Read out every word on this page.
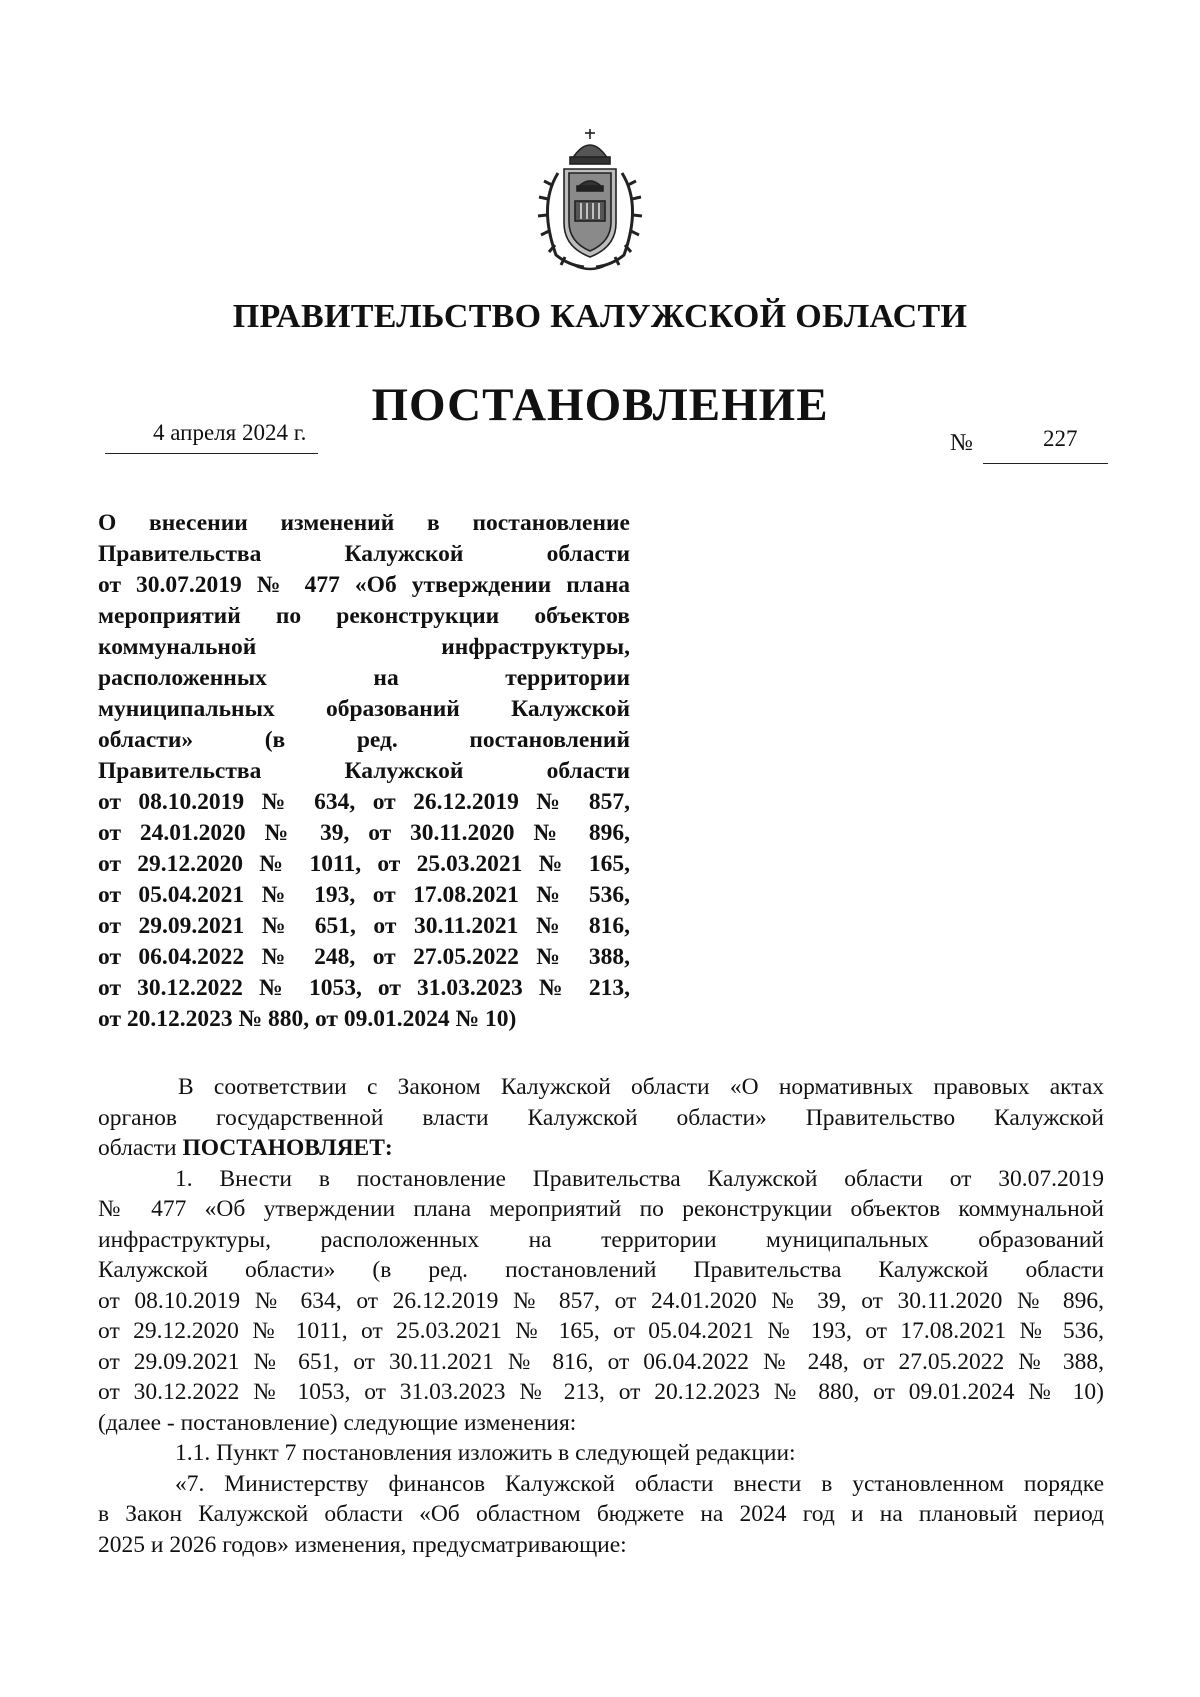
ПРАВИТЕЛЬСТВО КАЛУЖСКОЙ ОБЛАСТИ
ПОСТАНОВЛЕНИЕ
4 апреля 2024 г.	№	227
О внесении изменений в постановление
Правительства Калужской области
от 30.07.2019 № 477 «Об утверждении плана
мероприятий по реконструкции объектов
коммунальной инфраструктуры,
расположенных на территории
муниципальных образований Калужской
области» (в ред. постановлений
Правительства Калужской области
от 08.10.2019 № 634, от 26.12.2019 № 857,
от 24.01.2020 № 39, от 30.11.2020 № 896,
от 29.12.2020 № 1011, от 25.03.2021 № 165,
от 05.04.2021 № 193, от 17.08.2021 № 536,
от 29.09.2021 № 651, от 30.11.2021 № 816,
от 06.04.2022 № 248, от 27.05.2022 № 388,
от 30.12.2022 № 1053, от 31.03.2023 № 213,
от 20.12.2023 № 880, от 09.01.2024 № 10)
В соответствии с Законом Калужской области «О нормативных правовых актах
органов государственной власти Калужской области» Правительство Калужской
области ПОСТАНОВЛЯЕТ:
1. Внести в постановление Правительства Калужской области от 30.07.2019
№ 477 «Об утверждении плана мероприятий по реконструкции объектов коммунальной
инфраструктуры, расположенных на территории муниципальных образований
Калужской области» (в ред. постановлений Правительства Калужской области
от 08.10.2019 № 634, от 26.12.2019 № 857, от 24.01.2020 № 39, от 30.11.2020 № 896,
от 29.12.2020 № 1011, от 25.03.2021 № 165, от 05.04.2021 № 193, от 17.08.2021 № 536,
от 29.09.2021 № 651, от 30.11.2021 № 816, от 06.04.2022 № 248, от 27.05.2022 № 388,
от 30.12.2022 № 1053, от 31.03.2023 № 213, от 20.12.2023 № 880, от 09.01.2024 № 10)
(далее - постановление) следующие изменения:
1.1. Пункт 7 постановления изложить в следующей редакции:
«7. Министерству финансов Калужской области внести в установленном порядке
в Закон Калужской области «Об областном бюджете на 2024 год и на плановый период
2025 и 2026 годов» изменения, предусматривающие:
